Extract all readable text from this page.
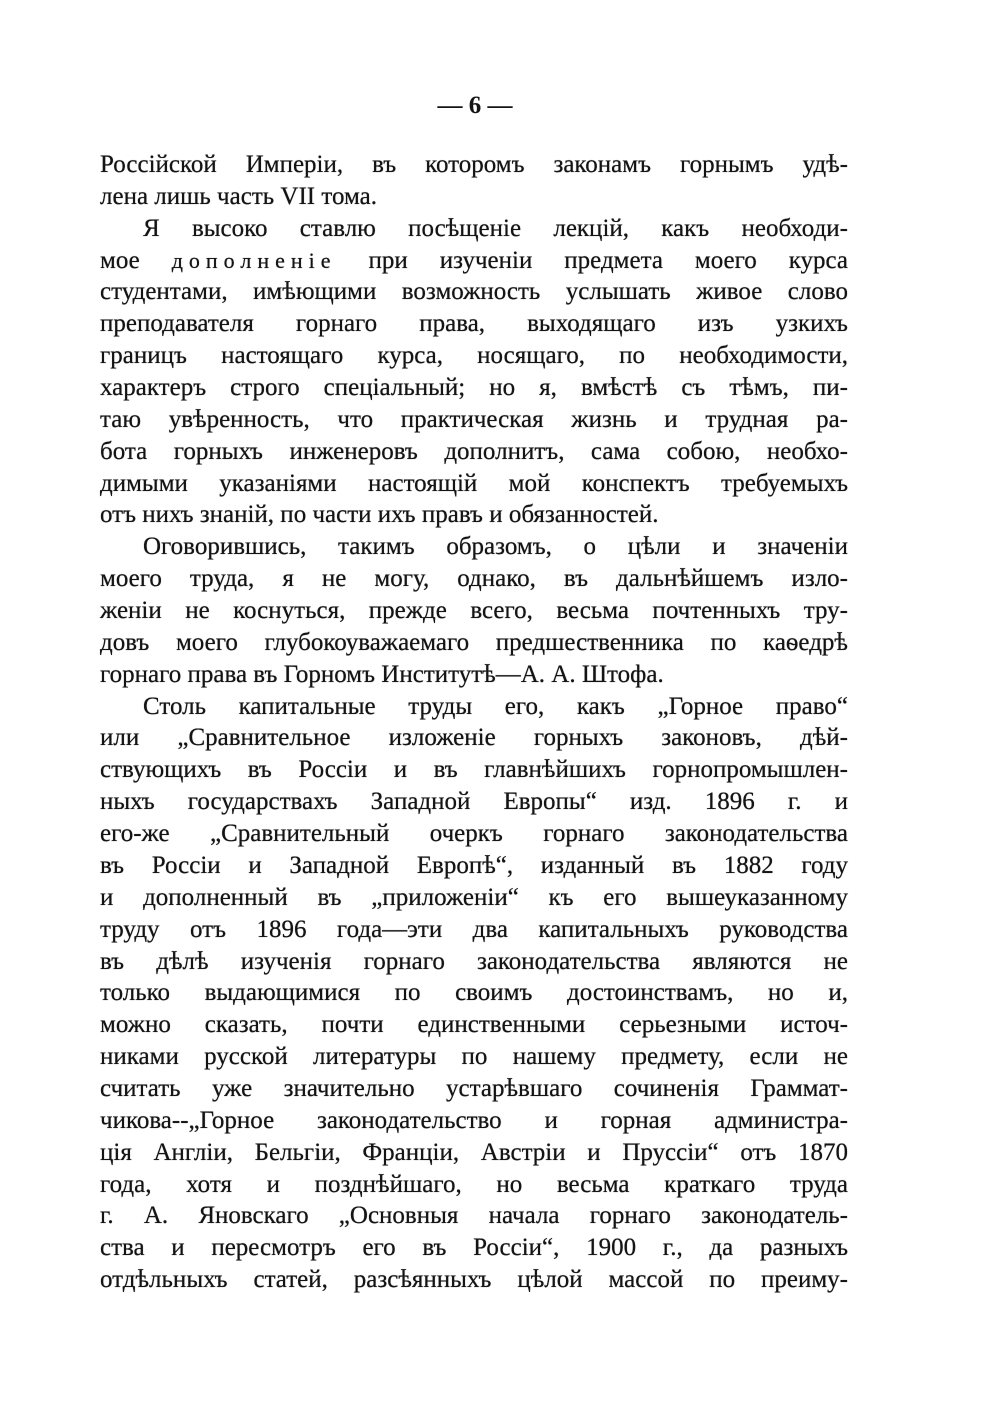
— 6 —
Россійской Имперіи, въ которомъ законамъ горнымъ удѣ-
лена лишь часть VII тома.
Я высоко ставлю посѣщеніе лекцій, какъ необходи-
мое дополненіе при изученіи предмета моего курса
студентами, имѣющими возможность услышать живое слово
преподавателя горнаго права, выходящаго изъ узкихъ
границъ настоящаго курса, носящаго, по необходимости,
характеръ строго спеціальный; но я, вмѣстѣ съ тѣмъ, пи-
таю увѣренность, что практическая жизнь и трудная ра-
бота горныхъ инженеровъ дополнитъ, сама собою, необхо-
димыми указаніями настоящій мой конспектъ требуемыхъ
отъ нихъ знаній, по части ихъ правъ и обязанностей.
Оговорившись, такимъ образомъ, о цѣли и значеніи
моего труда, я не могу, однако, въ дальнѣйшемъ изло-
женіи не коснуться, прежде всего, весьма почтенныхъ тру-
довъ моего глубокоуважаемаго предшественника по каѳедрѣ
горнаго права въ Горномъ Институтѣ—А. А. Штофа.
Столь капитальные труды его, какъ „Горное право“
или „Сравнительное изложеніе горныхъ законовъ, дѣй-
ствующихъ въ Россіи и въ главнѣйшихъ горнопромышлен-
ныхъ государствахъ Западной Европы“ изд. 1896 г. и
его-же „Сравнительный очеркъ горнаго законодательства
въ Россіи и Западной Европѣ“, изданный въ 1882 году
и дополненный въ „приложеніи“ къ его вышеуказанному
труду отъ 1896 года—эти два капитальныхъ руководства
въ дѣлѣ изученія горнаго законодательства являются не
только выдающимися по своимъ достоинствамъ, но и,
можно сказать, почти единственными серьезными источ-
никами русской литературы по нашему предмету, если не
считать уже значительно устарѣвшаго сочиненія Граммат-
чикова--„Горное законодательство и горная администра-
ція Англіи, Бельгіи, Франціи, Австріи и Пруссіи“ отъ 1870
года, хотя и позднѣйшаго, но весьма краткаго труда
г. А. Яновскаго „Основныя начала горнаго законодатель-
ства и пересмотръ его въ Россіи“, 1900 г., да разныхъ
отдѣльныхъ статей, разсѣянныхъ цѣлой массой по преиму-
